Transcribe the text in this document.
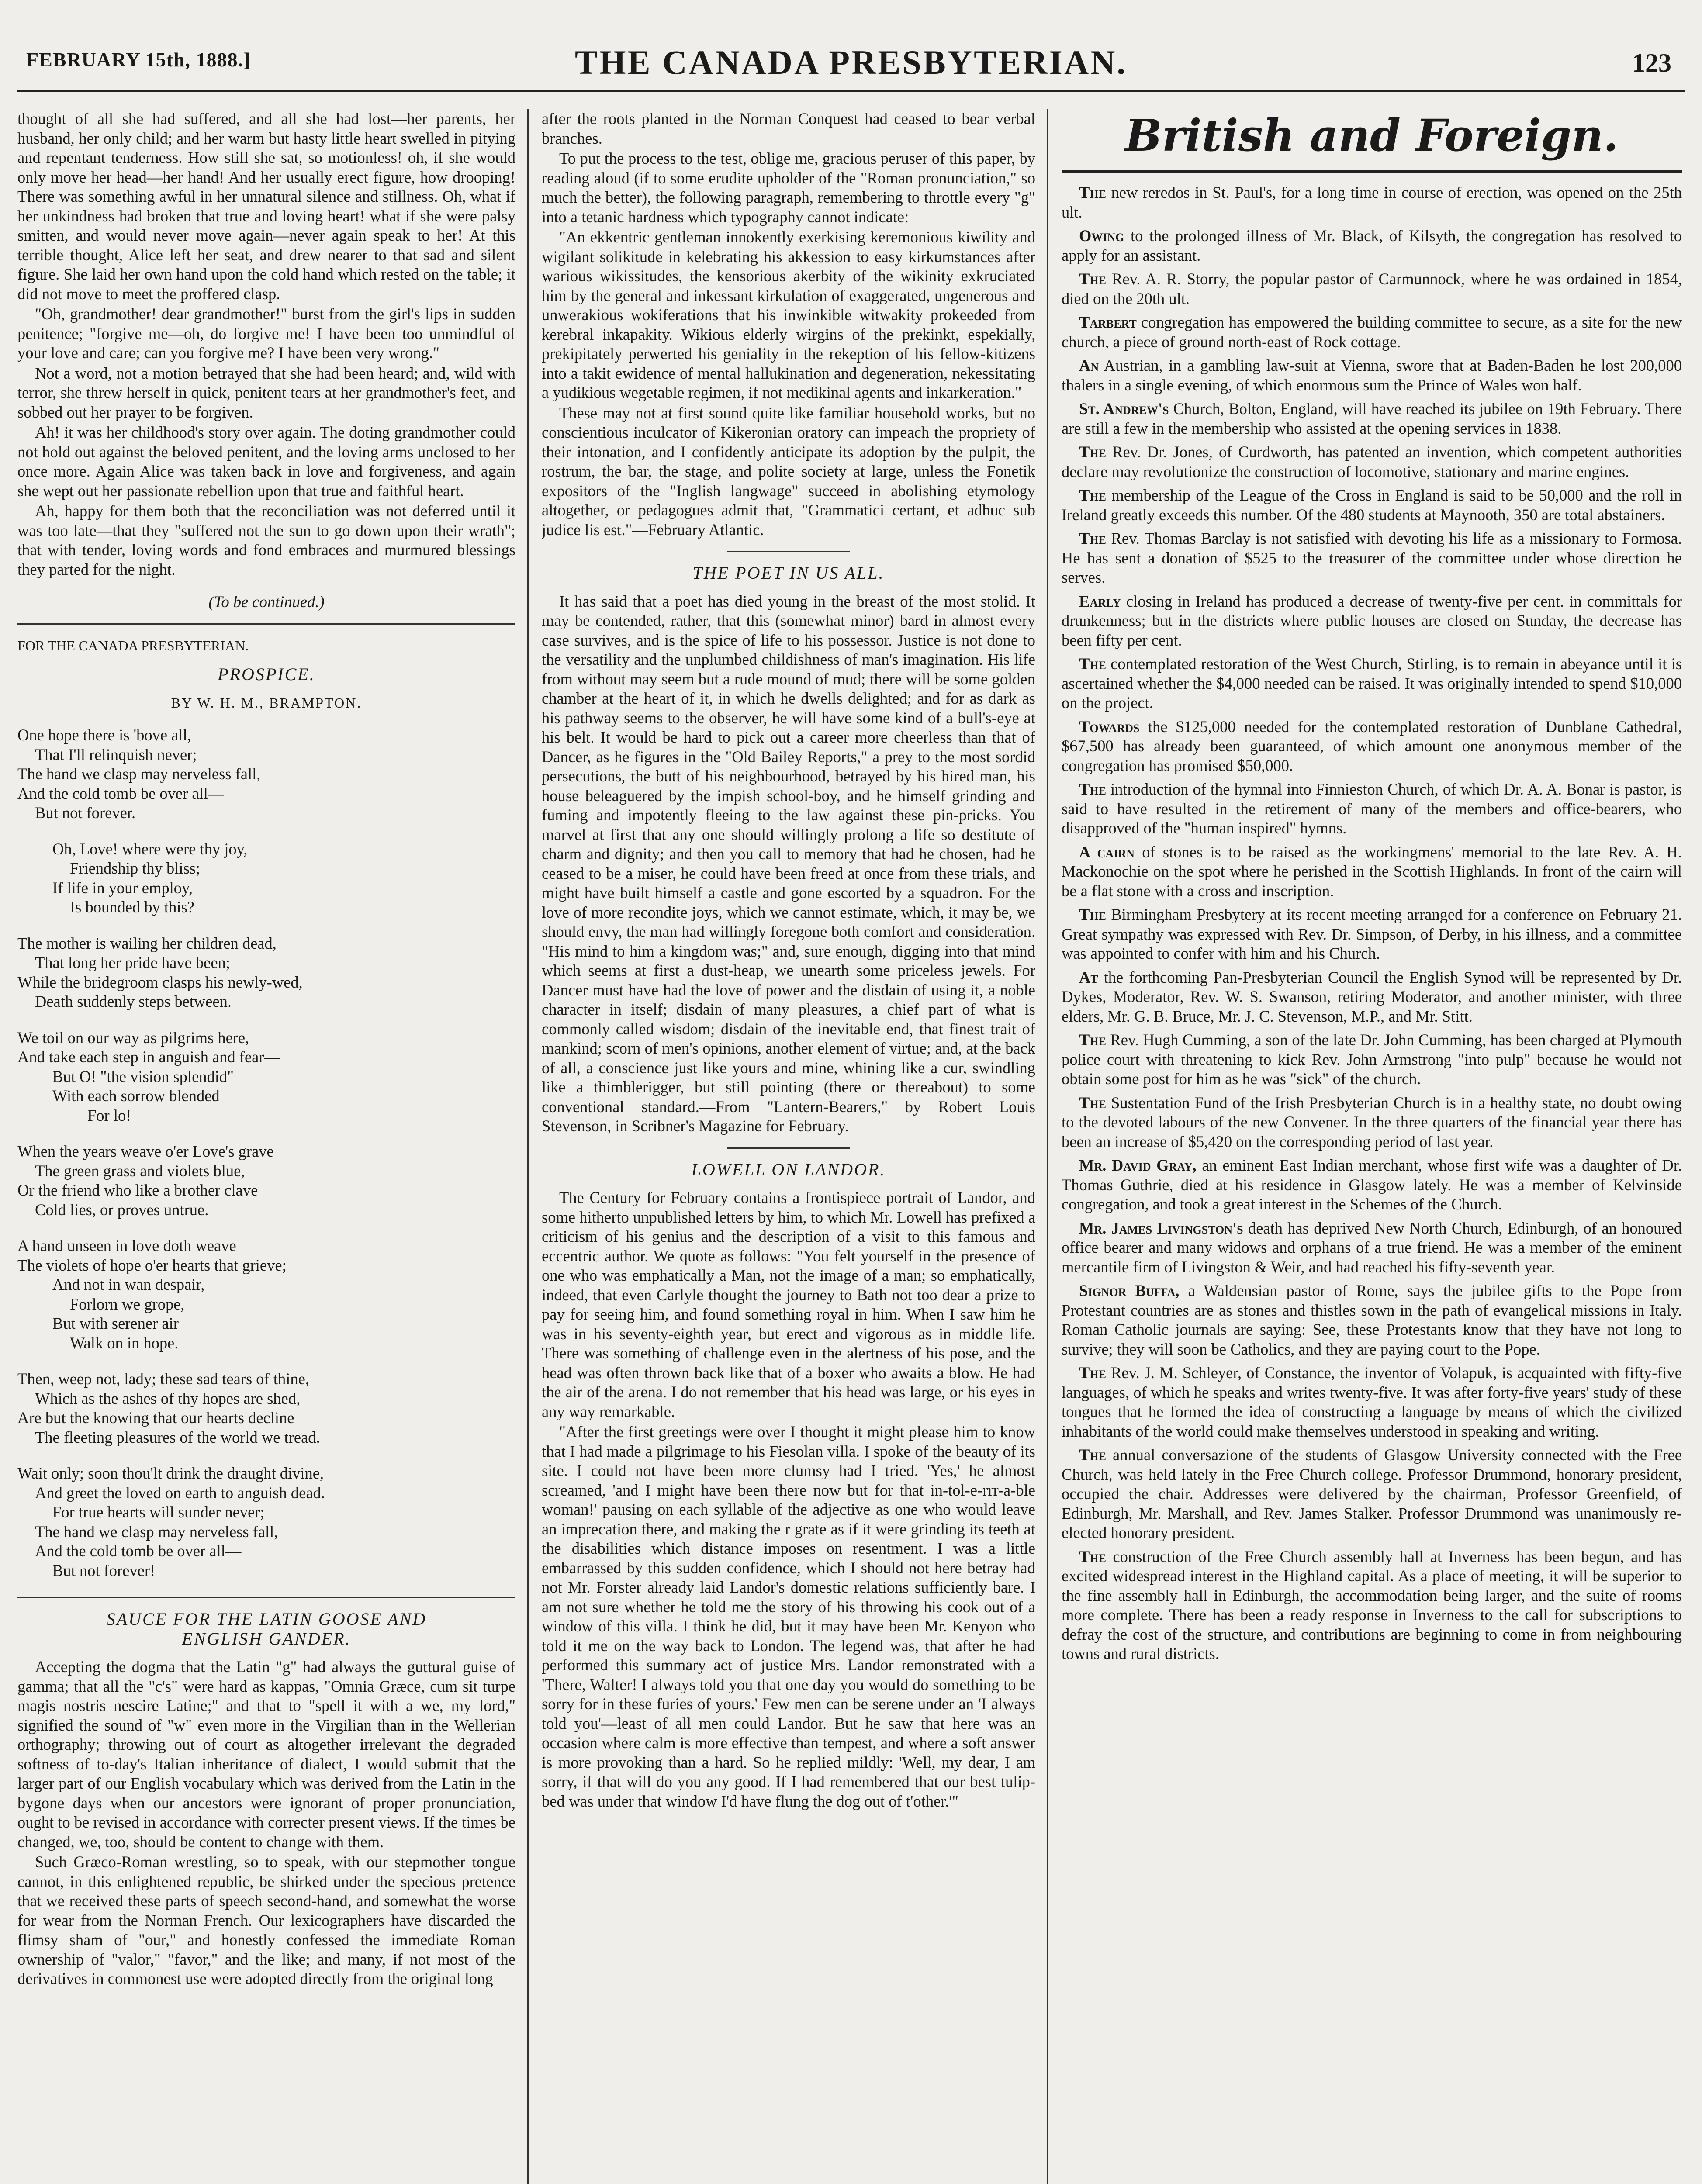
FEBRUARY 15th, 1888.]	THE CANADA PRESBYTERIAN.	123

thought of all she had suffered, and all she had lost—her parents, her husband, her only child; and her warm but hasty little heart swelled in pitying and repentant tenderness. How still she sat, so motionless! oh, if she would only move her head—her hand! And her usually erect figure, how drooping! There was something awful in her unnatural silence and stillness. Oh, what if her unkindness had broken that true and loving heart! what if she were palsy smitten, and would never move again—never again speak to her! At this terrible thought, Alice left her seat, and drew nearer to that sad and silent figure. She laid her own hand upon the cold hand which rested on the table; it did not move to meet the proffered clasp.

"Oh, grandmother! dear grandmother!" burst from the girl's lips in sudden penitence; "forgive me—oh, do forgive me! I have been too unmindful of your love and care; can you forgive me? I have been very wrong."

Not a word, not a motion betrayed that she had been heard; and, wild with terror, she threw herself in quick, penitent tears at her grandmother's feet, and sobbed out her prayer to be forgiven.

Ah! it was her childhood's story over again. The doting grandmother could not hold out against the beloved penitent, and the loving arms unclosed to her once more. Again Alice was taken back in love and forgiveness, and again she wept out her passionate rebellion upon that true and faithful heart.

Ah, happy for them both that the reconciliation was not deferred until it was too late—that they "suffered not the sun to go down upon their wrath"; that with tender, loving words and fond embraces and murmured blessings they parted for the night.

(To be continued.)
FOR THE CANADA PRESBYTERIAN.
PROSPICE.
BY W. H. M., BRAMPTON.
One hope there is 'bove all,
That I'll relinquish never;
The hand we clasp may nerveless fall,
And the cold tomb be over all—
But not forever.
Oh, Love! where were thy joy,
Friendship thy bliss;
If life in your employ,
Is bounded by this?
The mother is wailing her children dead,
That long her pride have been;
While the bridegroom clasps his newly-wed,
Death suddenly steps between.
We toil on our way as pilgrims here,
And take each step in anguish and fear—
But O! "the vision splendid"
With each sorrow blended
For lo!
When the years weave o'er Love's grave
The green grass and violets blue,
Or the friend who like a brother clave
Cold lies, or proves untrue.
A hand unseen in love doth weave
The violets of hope o'er hearts that grieve;
And not in wan despair,
Forlorn we grope,
But with serener air
Walk on in hope.
Then, weep not, lady; these sad tears of thine,
Which as the ashes of thy hopes are shed,
Are but the knowing that our hearts decline
The fleeting pleasures of the world we tread.
Wait only; soon thou'lt drink the draught divine,
And greet the loved on earth to anguish dead.
For true hearts will sunder never;
The hand we clasp may nerveless fall,
And the cold tomb be over all—
But not forever!
SAUCE FOR THE LATIN GOOSE AND
ENGLISH GANDER.

Accepting the dogma that the Latin "g" had always the guttural guise of gamma; that all the "c's" were hard as kappas, "Omnia Græce, cum sit turpe magis nostris nescire Latine;" and that to "spell it with a we, my lord," signified the sound of "w" even more in the Virgilian than in the Wellerian orthography; throwing out of court as altogether irrelevant the degraded softness of to-day's Italian inheritance of dialect, I would submit that the larger part of our English vocabulary which was derived from the Latin in the bygone days when our ancestors were ignorant of proper pronunciation, ought to be revised in accordance with correcter present views. If the times be changed, we, too, should be content to change with them.

Such Græco-Roman wrestling, so to speak, with our stepmother tongue cannot, in this enlightened republic, be shirked under the specious pretence that we received these parts of speech second-hand, and somewhat the worse for wear from the Norman French. Our lexicographers have discarded the flimsy sham of "our," and honestly confessed the immediate Roman ownership of "valor," "favor," and the like; and many, if not most of the derivatives in commonest use were adopted directly from the original long

after the roots planted in the Norman Conquest had ceased to bear verbal branches.

To put the process to the test, oblige me, gracious peruser of this paper, by reading aloud (if to some erudite upholder of the "Roman pronunciation," so much the better), the following paragraph, remembering to throttle every "g" into a tetanic hardness which typography cannot indicate:

"An ekkentric gentleman innokently exerkising keremonious kiwility and wigilant solikitude in kelebrating his akkession to easy kirkumstances after warious wikissitudes, the kensorious akerbity of the wikinity exkruciated him by the general and inkessant kirkulation of exaggerated, ungenerous and unwerakious wokiferations that his inwinkible witwakity prokeeded from kerebral inkapakity. Wikious elderly wirgins of the prekinkt, espekially, prekipitately perwerted his geniality in the rekeption of his fellow-kitizens into a takit ewidence of mental hallukination and degeneration, nekessitating a yudikious wegetable regimen, if not medikinal agents and inkarkeration."

These may not at first sound quite like familiar household works, but no conscientious inculcator of Kikeronian oratory can impeach the propriety of their intonation, and I confidently anticipate its adoption by the pulpit, the rostrum, the bar, the stage, and polite society at large, unless the Fonetik expositors of the "Inglish langwage" succeed in abolishing etymology altogether, or pedagogues admit that, "Grammatici certant, et adhuc sub judice lis est."—February Atlantic.

THE POET IN US ALL.

It has said that a poet has died young in the breast of the most stolid. It may be contended, rather, that this (somewhat minor) bard in almost every case survives, and is the spice of life to his possessor. Justice is not done to the versatility and the unplumbed childishness of man's imagination. His life from without may seem but a rude mound of mud; there will be some golden chamber at the heart of it, in which he dwells delighted; and for as dark as his pathway seems to the observer, he will have some kind of a bull's-eye at his belt. It would be hard to pick out a career more cheerless than that of Dancer, as he figures in the "Old Bailey Reports," a prey to the most sordid persecutions, the butt of his neighbourhood, betrayed by his hired man, his house beleaguered by the impish school-boy, and he himself grinding and fuming and impotently fleeing to the law against these pin-pricks. You marvel at first that any one should willingly prolong a life so destitute of charm and dignity; and then you call to memory that had he chosen, had he ceased to be a miser, he could have been freed at once from these trials, and might have built himself a castle and gone escorted by a squadron. For the love of more recondite joys, which we cannot estimate, which, it may be, we should envy, the man had willingly foregone both comfort and consideration. "His mind to him a kingdom was;" and, sure enough, digging into that mind which seems at first a dust-heap, we unearth some priceless jewels. For Dancer must have had the love of power and the disdain of using it, a noble character in itself; disdain of many pleasures, a chief part of what is commonly called wisdom; disdain of the inevitable end, that finest trait of mankind; scorn of men's opinions, another element of virtue; and, at the back of all, a conscience just like yours and mine, whining like a cur, swindling like a thimblerigger, but still pointing (there or thereabout) to some conventional standard.—From "Lantern-Bearers," by Robert Louis Stevenson, in Scribner's Magazine for February.

LOWELL ON LANDOR.

The Century for February contains a frontispiece portrait of Landor, and some hitherto unpublished letters by him, to which Mr. Lowell has prefixed a criticism of his genius and the description of a visit to this famous and eccentric author. We quote as follows: "You felt yourself in the presence of one who was emphatically a Man, not the image of a man; so emphatically, indeed, that even Carlyle thought the journey to Bath not too dear a prize to pay for seeing him, and found something royal in him. When I saw him he was in his seventy-eighth year, but erect and vigorous as in middle life. There was something of challenge even in the alertness of his pose, and the head was often thrown back like that of a boxer who awaits a blow. He had the air of the arena. I do not remember that his head was large, or his eyes in any way remarkable.

"After the first greetings were over I thought it might please him to know that I had made a pilgrimage to his Fiesolan villa. I spoke of the beauty of its site. I could not have been more clumsy had I tried. 'Yes,' he almost screamed, 'and I might have been there now but for that in-tol-e-rrr-a-ble woman!' pausing on each syllable of the adjective as one who would leave an imprecation there, and making the r grate as if it were grinding its teeth at the disabilities which distance imposes on resentment. I was a little embarrassed by this sudden confidence, which I should not here betray had not Mr. Forster already laid Landor's domestic relations sufficiently bare. I am not sure whether he told me the story of his throwing his cook out of a window of this villa. I think he did, but it may have been Mr. Kenyon who told it me on the way back to London. The legend was, that after he had performed this summary act of justice Mrs. Landor remonstrated with a 'There, Walter! I always told you that one day you would do something to be sorry for in these furies of yours.' Few men can be serene under an 'I always told you'—least of all men could Landor. But he saw that here was an occasion where calm is more effective than tempest, and where a soft answer is more provoking than a hard. So he replied mildly: 'Well, my dear, I am sorry, if that will do you any good. If I had remembered that our best tulip-bed was under that window I'd have flung the dog out of t'other.'"

British and Foreign.

The new reredos in St. Paul's, for a long time in course of erection, was opened on the 25th ult.

Owing to the prolonged illness of Mr. Black, of Kilsyth, the congregation has resolved to apply for an assistant.

The Rev. A. R. Storry, the popular pastor of Carmunnock, where he was ordained in 1854, died on the 20th ult.

Tarbert congregation has empowered the building committee to secure, as a site for the new church, a piece of ground north-east of Rock cottage.

An Austrian, in a gambling law-suit at Vienna, swore that at Baden-Baden he lost 200,000 thalers in a single evening, of which enormous sum the Prince of Wales won half.

St. Andrew's Church, Bolton, England, will have reached its jubilee on 19th February. There are still a few in the membership who assisted at the opening services in 1838.

The Rev. Dr. Jones, of Curdworth, has patented an invention, which competent authorities declare may revolutionize the construction of locomotive, stationary and marine engines.

The membership of the League of the Cross in England is said to be 50,000 and the roll in Ireland greatly exceeds this number. Of the 480 students at Maynooth, 350 are total abstainers.

The Rev. Thomas Barclay is not satisfied with devoting his life as a missionary to Formosa. He has sent a donation of $525 to the treasurer of the committee under whose direction he serves.

Early closing in Ireland has produced a decrease of twenty-five per cent. in committals for drunkenness; but in the districts where public houses are closed on Sunday, the decrease has been fifty per cent.

The contemplated restoration of the West Church, Stirling, is to remain in abeyance until it is ascertained whether the $4,000 needed can be raised. It was originally intended to spend $10,000 on the project.

Towards the $125,000 needed for the contemplated restoration of Dunblane Cathedral, $67,500 has already been guaranteed, of which amount one anonymous member of the congregation has promised $50,000.

The introduction of the hymnal into Finnieston Church, of which Dr. A. A. Bonar is pastor, is said to have resulted in the retirement of many of the members and office-bearers, who disapproved of the "human inspired" hymns.

A cairn of stones is to be raised as the workingmens' memorial to the late Rev. A. H. Mackonochie on the spot where he perished in the Scottish Highlands. In front of the cairn will be a flat stone with a cross and inscription.

The Birmingham Presbytery at its recent meeting arranged for a conference on February 21. Great sympathy was expressed with Rev. Dr. Simpson, of Derby, in his illness, and a committee was appointed to confer with him and his Church.

At the forthcoming Pan-Presbyterian Council the English Synod will be represented by Dr. Dykes, Moderator, Rev. W. S. Swanson, retiring Moderator, and another minister, with three elders, Mr. G. B. Bruce, Mr. J. C. Stevenson, M.P., and Mr. Stitt.

The Rev. Hugh Cumming, a son of the late Dr. John Cumming, has been charged at Plymouth police court with threatening to kick Rev. John Armstrong "into pulp" because he would not obtain some post for him as he was "sick" of the church.

The Sustentation Fund of the Irish Presbyterian Church is in a healthy state, no doubt owing to the devoted labours of the new Convener. In the three quarters of the financial year there has been an increase of $5,420 on the corresponding period of last year.

Mr. David Gray, an eminent East Indian merchant, whose first wife was a daughter of Dr. Thomas Guthrie, died at his residence in Glasgow lately. He was a member of Kelvinside congregation, and took a great interest in the Schemes of the Church.

Mr. James Livingston's death has deprived New North Church, Edinburgh, of an honoured office bearer and many widows and orphans of a true friend. He was a member of the eminent mercantile firm of Livingston & Weir, and had reached his fifty-seventh year.

Signor Buffa, a Waldensian pastor of Rome, says the jubilee gifts to the Pope from Protestant countries are as stones and thistles sown in the path of evangelical missions in Italy. Roman Catholic journals are saying: See, these Protestants know that they have not long to survive; they will soon be Catholics, and they are paying court to the Pope.

The Rev. J. M. Schleyer, of Constance, the inventor of Volapuk, is acquainted with fifty-five languages, of which he speaks and writes twenty-five. It was after forty-five years' study of these tongues that he formed the idea of constructing a language by means of which the civilized inhabitants of the world could make themselves understood in speaking and writing.

The annual conversazione of the students of Glasgow University connected with the Free Church, was held lately in the Free Church college. Professor Drummond, honorary president, occupied the chair. Addresses were delivered by the chairman, Professor Greenfield, of Edinburgh, Mr. Marshall, and Rev. James Stalker. Professor Drummond was unanimously re-elected honorary president.

The construction of the Free Church assembly hall at Inverness has been begun, and has excited widespread interest in the Highland capital. As a place of meeting, it will be superior to the fine assembly hall in Edinburgh, the accommodation being larger, and the suite of rooms more complete. There has been a ready response in Inverness to the call for subscriptions to defray the cost of the structure, and contributions are beginning to come in from neighbouring towns and rural districts.
